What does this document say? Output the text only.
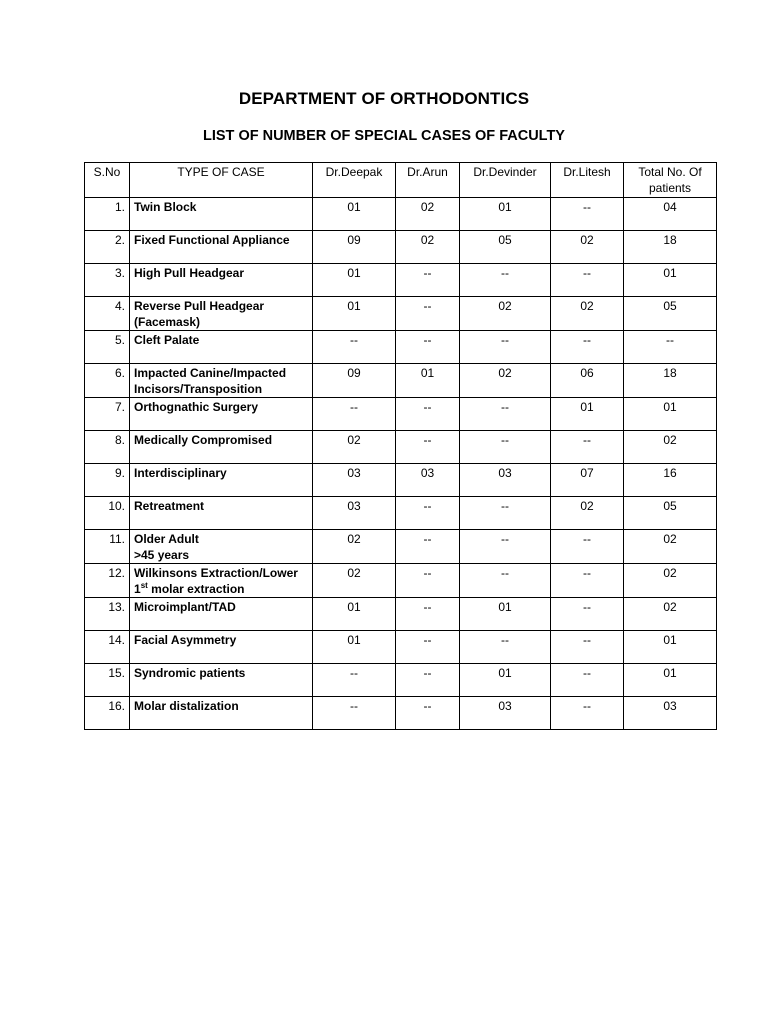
DEPARTMENT OF ORTHODONTICS
LIST OF NUMBER OF SPECIAL CASES OF FACULTY
S.No	TYPE OF CASE	Dr.Deepak	Dr.Arun	Dr.Devinder	Dr.Litesh	Total No. Of patients
1.	Twin Block	01	02	01	--	04
2.	Fixed Functional Appliance	09	02	05	02	18
3.	High Pull Headgear	01	--	--	--	01
4.	Reverse Pull Headgear (Facemask)	01	--	02	02	05
5.	Cleft Palate	--	--	--	--	--
6.	Impacted Canine/Impacted Incisors/Transposition	09	01	02	06	18
7.	Orthognathic Surgery	--	--	--	01	01
8.	Medically Compromised	02	--	--	--	02
9.	Interdisciplinary	03	03	03	07	16
10.	Retreatment	03	--	--	02	05
11.	Older Adult
>45 years	02	--	--	--	02
12.	Wilkinsons Extraction/Lower
1st molar extraction	02	--	--	--	02
13.	Microimplant/TAD	01	--	01	--	02
14.	Facial Asymmetry	01	--	--	--	01
15.	Syndromic patients	--	--	01	--	01
16.	Molar distalization	--	--	03	--	03
